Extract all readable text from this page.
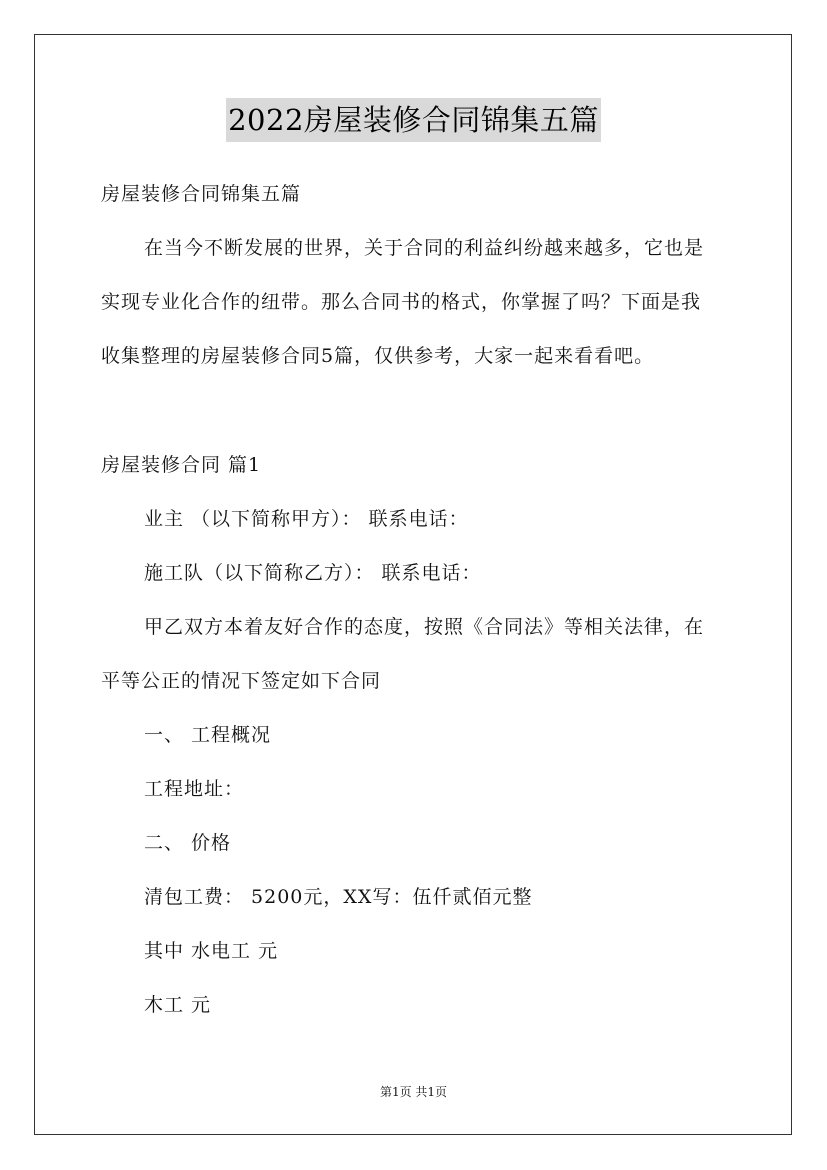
2022房屋装修合同锦集五篇
房屋装修合同锦集五篇
在当今不断发展的世界，关于合同的利益纠纷越来越多，它也是
实现专业化合作的纽带。那么合同书的格式，你掌握了吗？下面是我
收集整理的房屋装修合同5篇，仅供参考，大家一起来看看吧。
房屋装修合同 篇1
业主 （以下简称甲方）： 联系电话：
施工队（以下简称乙方）： 联系电话：
甲乙双方本着友好合作的态度，按照《合同法》等相关法律，在
平等公正的情况下签定如下合同
一、 工程概况
工程地址：
二、 价格
清包工费： 5200元，XX写：伍仟贰佰元整
其中 水电工 元
木工 元
第1页 共1页
